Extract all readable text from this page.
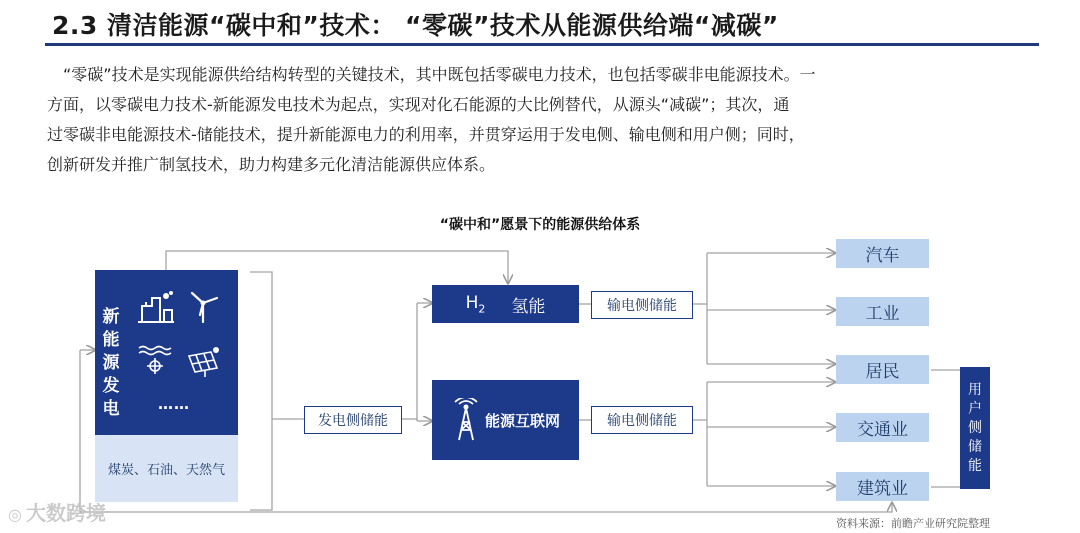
2.3 清洁能源“碳中和”技术： “零碳”技术从能源供给端“减碳”

“零碳”技术是实现能源供给结构转型的关键技术，其中既包括零碳电力技术，也包括零碳非电能源技术。一

方面，以零碳电力技术-新能源发电技术为起点，实现对化石能源的大比例替代，从源头“减碳”；其次，通
过零碳非电能源技术-储能技术，提升新能源电力的利用率，并贯穿运用于发电侧、输电侧和用户侧；同时，
创新研发并推广制氢技术，助力构建多元化清洁能源供应体系。
“碳中和”愿景下的能源供给体系
新能源发电	……
煤炭、石油、天然气
发电侧储能
$H_2$ 氢能
能源互联网
输电侧储能
输电侧储能
汽车
工业
居民
交通业
建筑业
用户侧储能
◎ 大数跨境	资料来源：前瞻产业研究院整理
